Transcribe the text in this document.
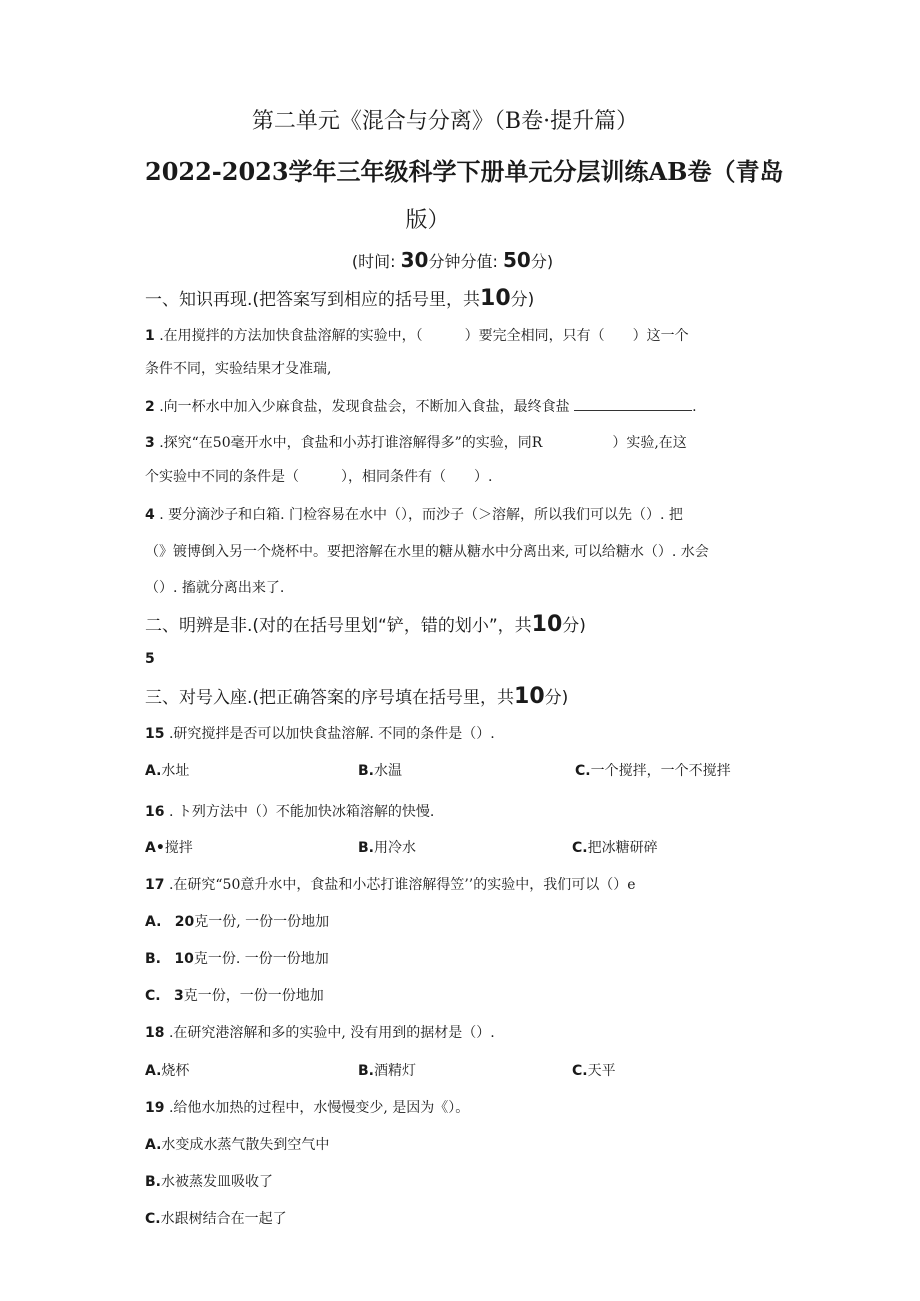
第二单元《混合与分离》（B卷·提升篇）
2022-2023学年三年级科学下册单元分层训练AB卷（青岛
版）
(时间: 30分钟分值: 50分)
一、知识再现.(把答案写到相应的括号里，共10分)
1 .在用搅拌的方法加快食盐溶解的实验中，（　　　）要完全相同，只有（　　）这一个
条件不同，实验结果才殳准瑞,
2 .向一杯水中加入少麻食盐，发现食盐会，不断加入食盐，最终食盐	.
3 .探究“在50毫开水中，食盐和小苏打谁溶解得多”的实验，同R	）实验,在这
个实验中不同的条件是（　　　），相同条件有（　　）.
4 . 要分滴沙子和白箱. 门检容易在水中（），而沙子（＞溶解，所以我们可以先（）. 把
（》镀博倒入另一个烧杯中。要把溶解在水里的糖从糖水中分离出来, 可以给糖水（）. 水会
（）. 搐就分离出来了.
二、明辨是非.(对的在括号里划“铲，错的划小”，共10分)
5
三、对号入座.(把正确答案的序号填在括号里，共10分)
15 .研究搅拌是否可以加快食盐溶解. 不同的条件是（）.
A.水址	B.水温	C.一个搅拌，一个不搅拌
16 . ト列方法中（）不能加快冰箱溶解的快慢.
A•搅拌	B.用冷水	C.把冰糖研碎
17 .在研究“50意升水中，食盐和小芯打谁溶解得笠’’的实验中，我们可以（）e
A. 20克一份, 一份一份地加
B. 10克一份. 一份一份地加
C. 3克一份，一份一份地加
18 .在研究港溶解和多的实验中, 没有用到的据材是（）.
A.烧杯	B.酒精灯	C.天平
19 .给他水加热的过程中，水慢慢变少, 是因为《）。
A.水变成水蒸气散失到空气中
B.水被蒸发皿吸收了
C.水跟树结合在一起了
